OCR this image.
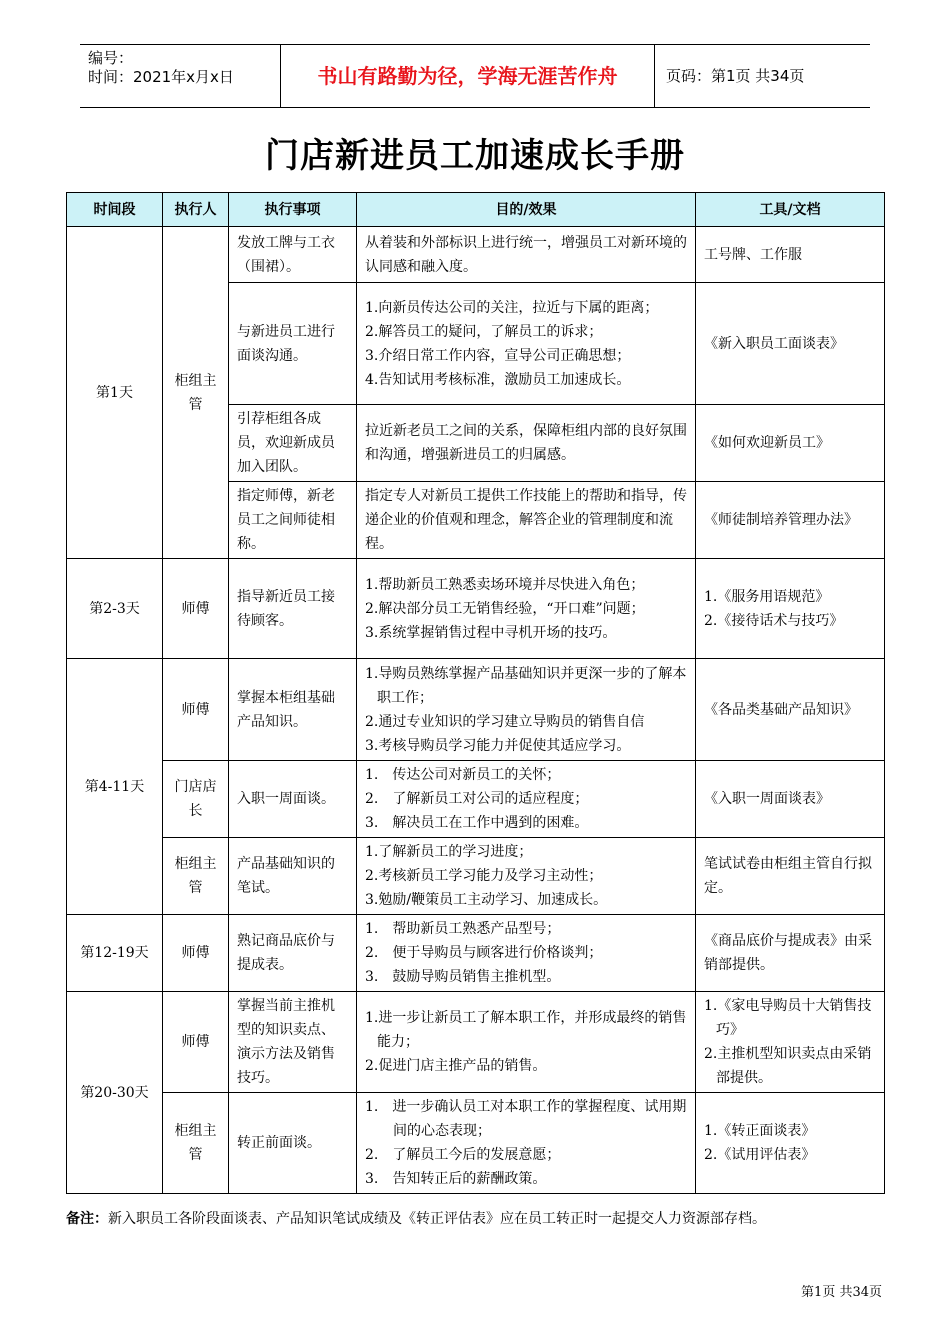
编号：
时间：2021年x月x日	书山有路勤为径，学海无涯苦作舟	页码：第1页 共34页
门店新进员工加速成长手册
时间段	执行人	执行事项	目的/效果	工具/文档
第1天	柜组主管	发放工牌与工衣（围裙）。	从着装和外部标识上进行统一，增强员工对新环境的认同感和融入度。	工号牌、工作服
		与新进员工进行面谈沟通。	1.向新员传达公司的关注，拉近与下属的距离；
2.解答员工的疑问，了解员工的诉求；
3.介绍日常工作内容，宣导公司正确思想；
4.告知试用考核标准，激励员工加速成长。	《新入职员工面谈表》
		引荐柜组各成员，欢迎新成员加入团队。	拉近新老员工之间的关系，保障柜组内部的良好氛围和沟通，增强新进员工的归属感。	《如何欢迎新员工》
		指定师傅，新老员工之间师徒相称。	指定专人对新员工提供工作技能上的帮助和指导，传递企业的价值观和理念，解答企业的管理制度和流程。	《师徒制培养管理办法》
第2-3天	师傅	指导新近员工接待顾客。	1.帮助新员工熟悉卖场环境并尽快进入角色；
2.解决部分员工无销售经验，“开口难”问题；
3.系统掌握销售过程中寻机开场的技巧。	1.《服务用语规范》
2.《接待话术与技巧》

第4-11天	师傅	掌握本柜组基础产品知识。	1.导购员熟练掌握产品基础知识并更深一步的了解本职工作；
2.通过专业知识的学习建立导购员的销售自信
3.考核导购员学习能力并促使其适应学习。	《各品类基础产品知识》
	门店店长	入职一周面谈。	1.　传达公司对新员工的关怀；
2.　了解新员工对公司的适应程度；
3.　解决员工在工作中遇到的困难。	《入职一周面谈表》
	柜组主管	产品基础知识的笔试。	1.了解新员工的学习进度；
2.考核新员工学习能力及学习主动性；
3.勉励/鞭策员工主动学习、加速成长。	笔试试卷由柜组主管自行拟定。
第12-19天	师傅	熟记商品底价与提成表。	1.　帮助新员工熟悉产品型号；
2.　便于导购员与顾客进行价格谈判；
3.　鼓励导购员销售主推机型。	《商品底价与提成表》由采销部提供。
第20-30天	师傅	掌握当前主推机型的知识卖点、演示方法及销售技巧。	1.进一步让新员工了解本职工作，并形成最终的销售能力；
2.促进门店主推产品的销售。	1.《家电导购员十大销售技巧》
2.主推机型知识卖点由采销部提供。

	柜组主管	转正前面谈。	1.　进一步确认员工对本职工作的掌握程度、试用期间的心态表现；
2.　了解员工今后的发展意愿；
3.　告知转正后的薪酬政策。	1.《转正面谈表》
2.《试用评估表》
备注：新入职员工各阶段面谈表、产品知识笔试成绩及《转正评估表》应在员工转正时一起提交人力资源部存档。
第1页 共34页
